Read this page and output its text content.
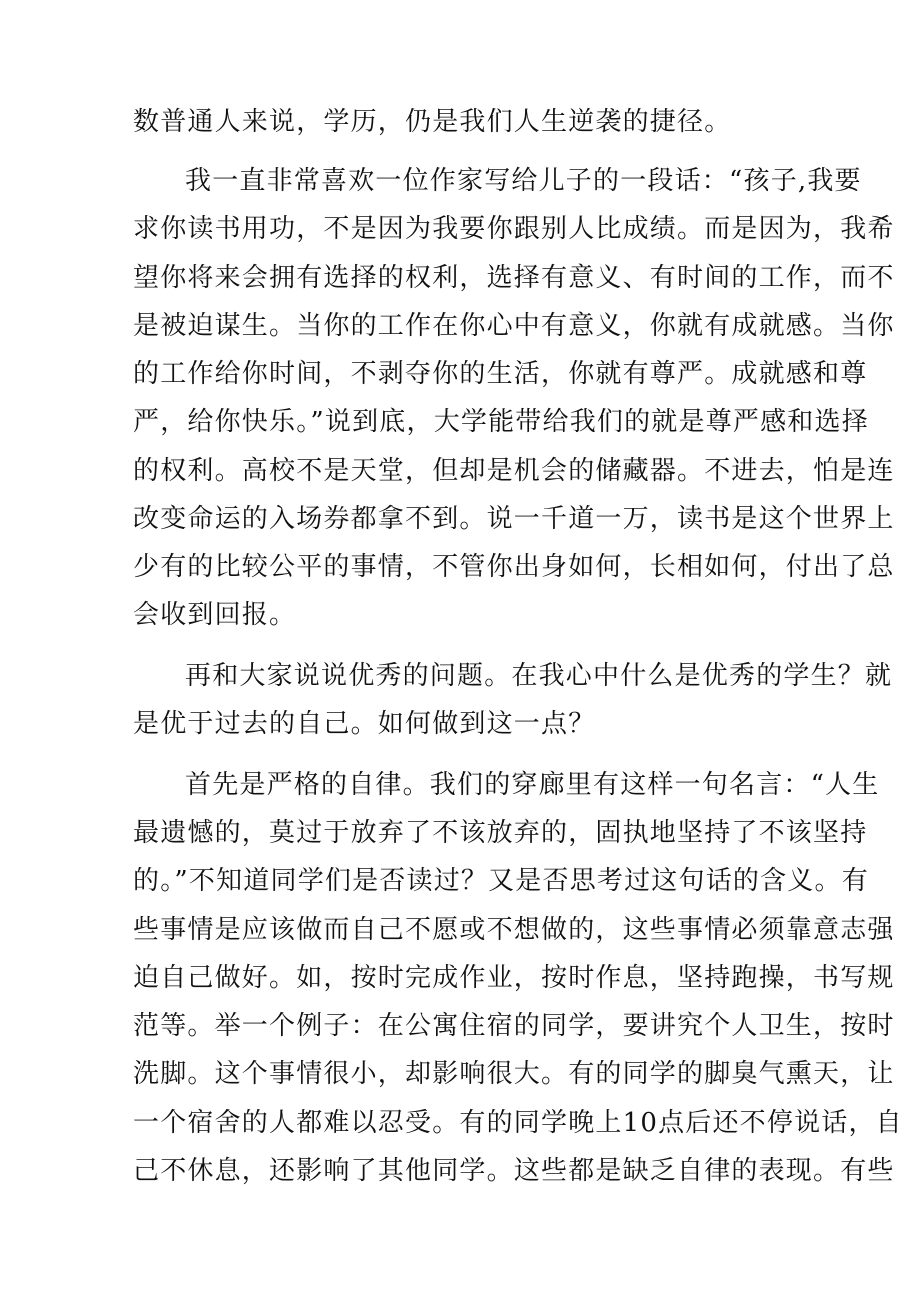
数普通人来说，学历，仍是我们人生逆袭的捷径。
我一直非常喜欢一位作家写给儿子的一段话：“孩子,我要
求你读书用功，不是因为我要你跟别人比成绩。而是因为，我希
望你将来会拥有选择的权利，选择有意义、有时间的工作，而不
是被迫谋生。当你的工作在你心中有意义，你就有成就感。当你
的工作给你时间，不剥夺你的生活，你就有尊严。成就感和尊
严，给你快乐。”说到底，大学能带给我们的就是尊严感和选择
的权利。高校不是天堂，但却是机会的储藏器。不进去，怕是连
改变命运的入场券都拿不到。说一千道一万，读书是这个世界上
少有的比较公平的事情，不管你出身如何，长相如何，付出了总
会收到回报。
再和大家说说优秀的问题。在我心中什么是优秀的学生？就
是优于过去的自己。如何做到这一点？
首先是严格的自律。我们的穿廊里有这样一句名言：“人生
最遗憾的，莫过于放弃了不该放弃的，固执地坚持了不该坚持
的。”不知道同学们是否读过？又是否思考过这句话的含义。有
些事情是应该做而自己不愿或不想做的，这些事情必须靠意志强
迫自己做好。如，按时完成作业，按时作息，坚持跑操，书写规
范等。举一个例子：在公寓住宿的同学，要讲究个人卫生，按时
洗脚。这个事情很小，却影响很大。有的同学的脚臭气熏天，让
一个宿舍的人都难以忍受。有的同学晚上10点后还不停说话，自
己不休息，还影响了其他同学。这些都是缺乏自律的表现。有些
